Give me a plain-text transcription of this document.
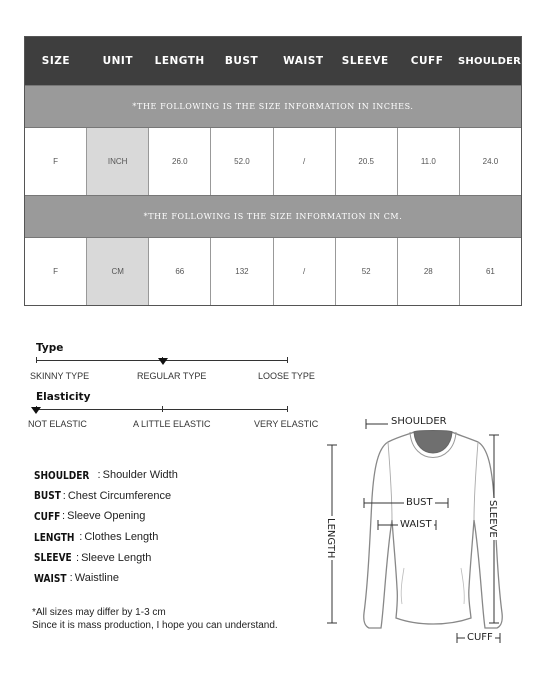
SIZE	UNIT	LENGTH	BUST	WAIST	SLEEVE	CUFF	SHOULDER
*THE FOLLOWING IS THE SIZE INFORMATION IN INCHES.
F	INCH	26.0	52.0	/	20.5	11.0	24.0
*THE FOLLOWING IS THE SIZE INFORMATION IN CM.
F	CM	66	132	/	52	28	61
Type
SKINNY TYPE	REGULAR TYPE	LOOSE TYPE
Elasticity
NOT ELASTIC	A LITTLE ELASTIC	VERY ELASTIC
SHOULDER : Shoulder Width
BUST : Chest Circumference
CUFF : Sleeve Opening
LENGTH : Clothes Length
SLEEVE : Sleeve Length
WAIST : Waistline
*All sizes may differ by 1-3 cm
Since it is mass production, I hope you can understand.
SHOULDER
BUST
WAIST
LENGTH	SLEEVE
CUFF
